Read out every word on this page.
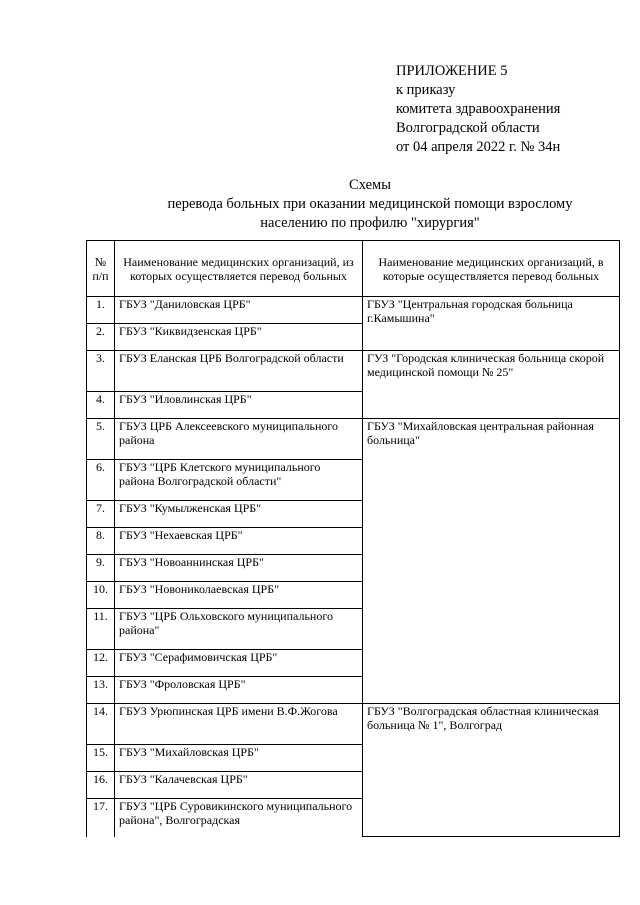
ПРИЛОЖЕНИЕ 5
к приказу
комитета здравоохранения
Волгоградской области
от 04 апреля 2022 г. № 34н
Схемы
перевода больных при оказании медицинской помощи взрослому
населению по профилю "хирургия"
№ п/п	Наименование медицинских организаций, из которых осуществляется перевод больных	Наименование медицинских организаций, в которые осуществляется перевод больных
1.	ГБУЗ "Даниловская ЦРБ"	ГБУЗ "Центральная городская больница г.Камышина"
2.	ГБУЗ "Киквидзенская ЦРБ"	
3.	ГБУЗ Еланская ЦРБ Волгоградской области	ГУЗ "Городская клиническая больница скорой медицинской помощи № 25"
4.	ГБУЗ "Иловлинская ЦРБ"	
5.	ГБУЗ ЦРБ Алексеевского муниципального района	ГБУЗ "Михайловская центральная районная больница"
6.	ГБУЗ "ЦРБ Клетского муниципального района Волгоградской области"	
7.	ГБУЗ "Кумылженская ЦРБ"	
8.	ГБУЗ "Нехаевская ЦРБ"	
9.	ГБУЗ "Новоаннинская ЦРБ"	
10.	ГБУЗ "Новониколаевская ЦРБ"	
11.	ГБУЗ "ЦРБ Ольховского муниципального района"	
12.	ГБУЗ "Серафимовичская ЦРБ"	
13.	ГБУЗ "Фроловская ЦРБ"	
14.	ГБУЗ Урюпинская ЦРБ имени В.Ф.Жогова	ГБУЗ "Волгоградская областная клиническая больница № 1", Волгоград
15.	ГБУЗ "Михайловская ЦРБ"	
16.	ГБУЗ "Калачевская ЦРБ"	
17.	ГБУЗ "ЦРБ Суровикинского муниципального района", Волгоградская	
